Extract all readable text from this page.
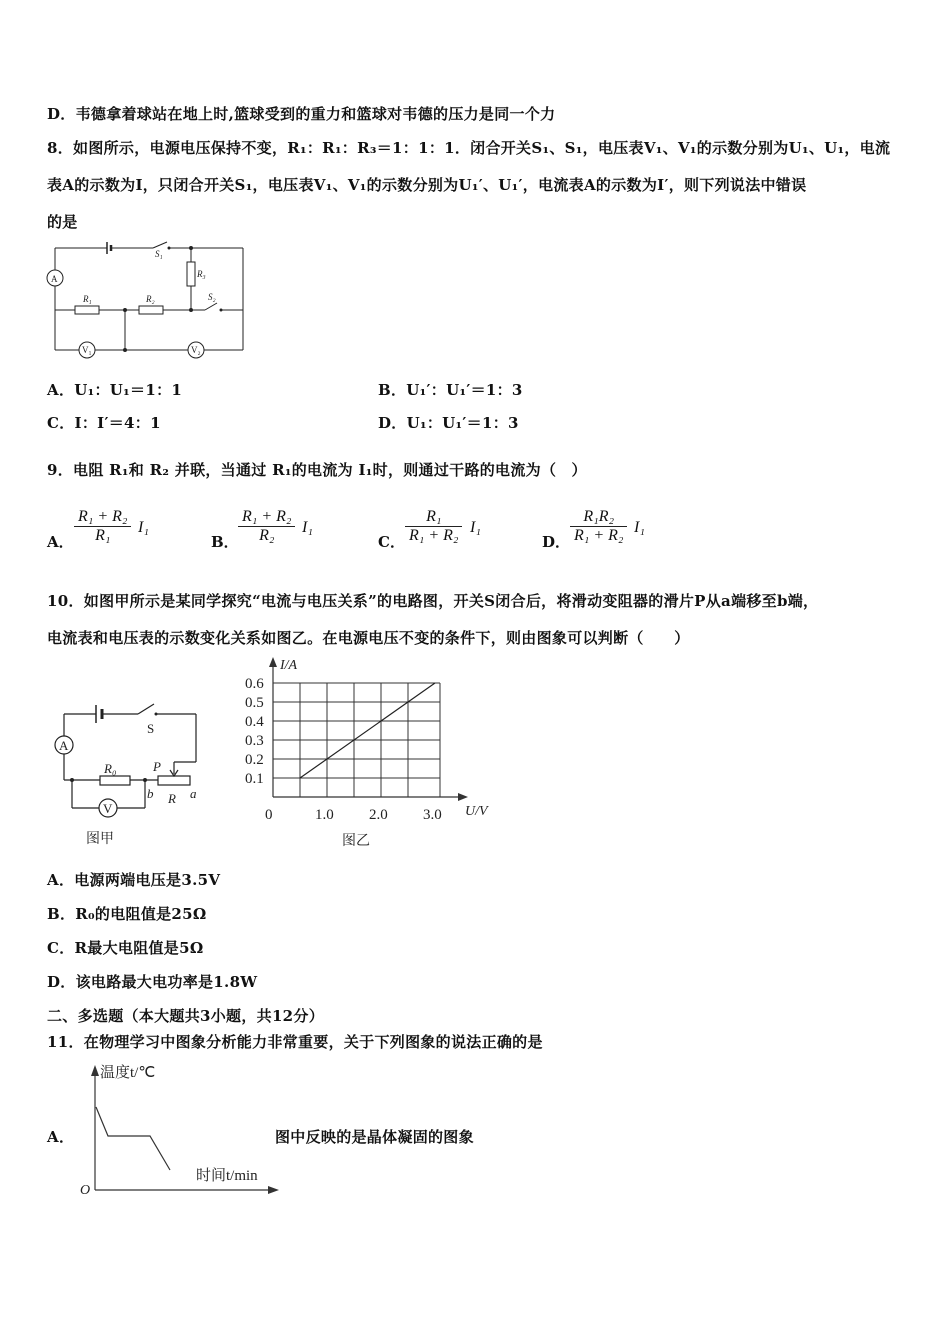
D．韦德拿着球站在地上时,篮球受到的重力和篮球对韦德的压力是同一个力
8．如图所示，电源电压保持不变，R₁：R₁：R₃＝1：1：1．闭合开关S₁、S₁，电压表V₁、V₁的示数分别为U₁、U₁，电流
表A的示数为I，只闭合开关S₁，电压表V₁、V₁的示数分别为U₁′、U₁′，电流表A的示数为I′，则下列说法中错误
的是
A
S₁
R₃
R₁	R₂	S₂
V₁	V₂
A．U₁：U₁＝1：1	B．U₁′：U₁′＝1：3
C．I：I′＝4：1	D．U₁：U₁′＝1：3
9．电阻 R₁和 R₂ 并联，当通过 R₁的电流为 I₁时，则通过干路的电流为（　）
A． $\frac{\text{R₁ + R₂}}{\text{R₁}} I_1$
B． $\frac{\text{R₁ + R₂}}{\text{R₂}} I_1$
C． $\frac{\text{R₁}}{\text{R₁ + R₂}} I_1$
D． $\frac{\text{R₁R₂}}{\text{R₁ + R₂}} I_1$
10．如图甲所示是某同学探究“电流与电压关系”的电路图，开关S闭合后，将滑动变阻器的滑片P从a端移至b端，
电流表和电压表的示数变化关系如图乙。在电源电压不变的条件下，则由图象可以判断（　　）
A
S
R₀	P
b R a
V
图甲
0.1
0.2
0.3
0.4
0.5
0.6
0	1.0 2.0 3.0
I/A
U/V
图乙
A．电源两端电压是3.5V
B．R₀的电阻值是25Ω
C．R最大电阻值是5Ω
D．该电路最大电功率是1.8W
二、多选题（本大题共3小题，共12分）
11．在物理学习中图象分析能力非常重要，关于下列图象的说法正确的是
A．	图中反映的是晶体凝固的图象
温度t/℃
时间t/min
O
